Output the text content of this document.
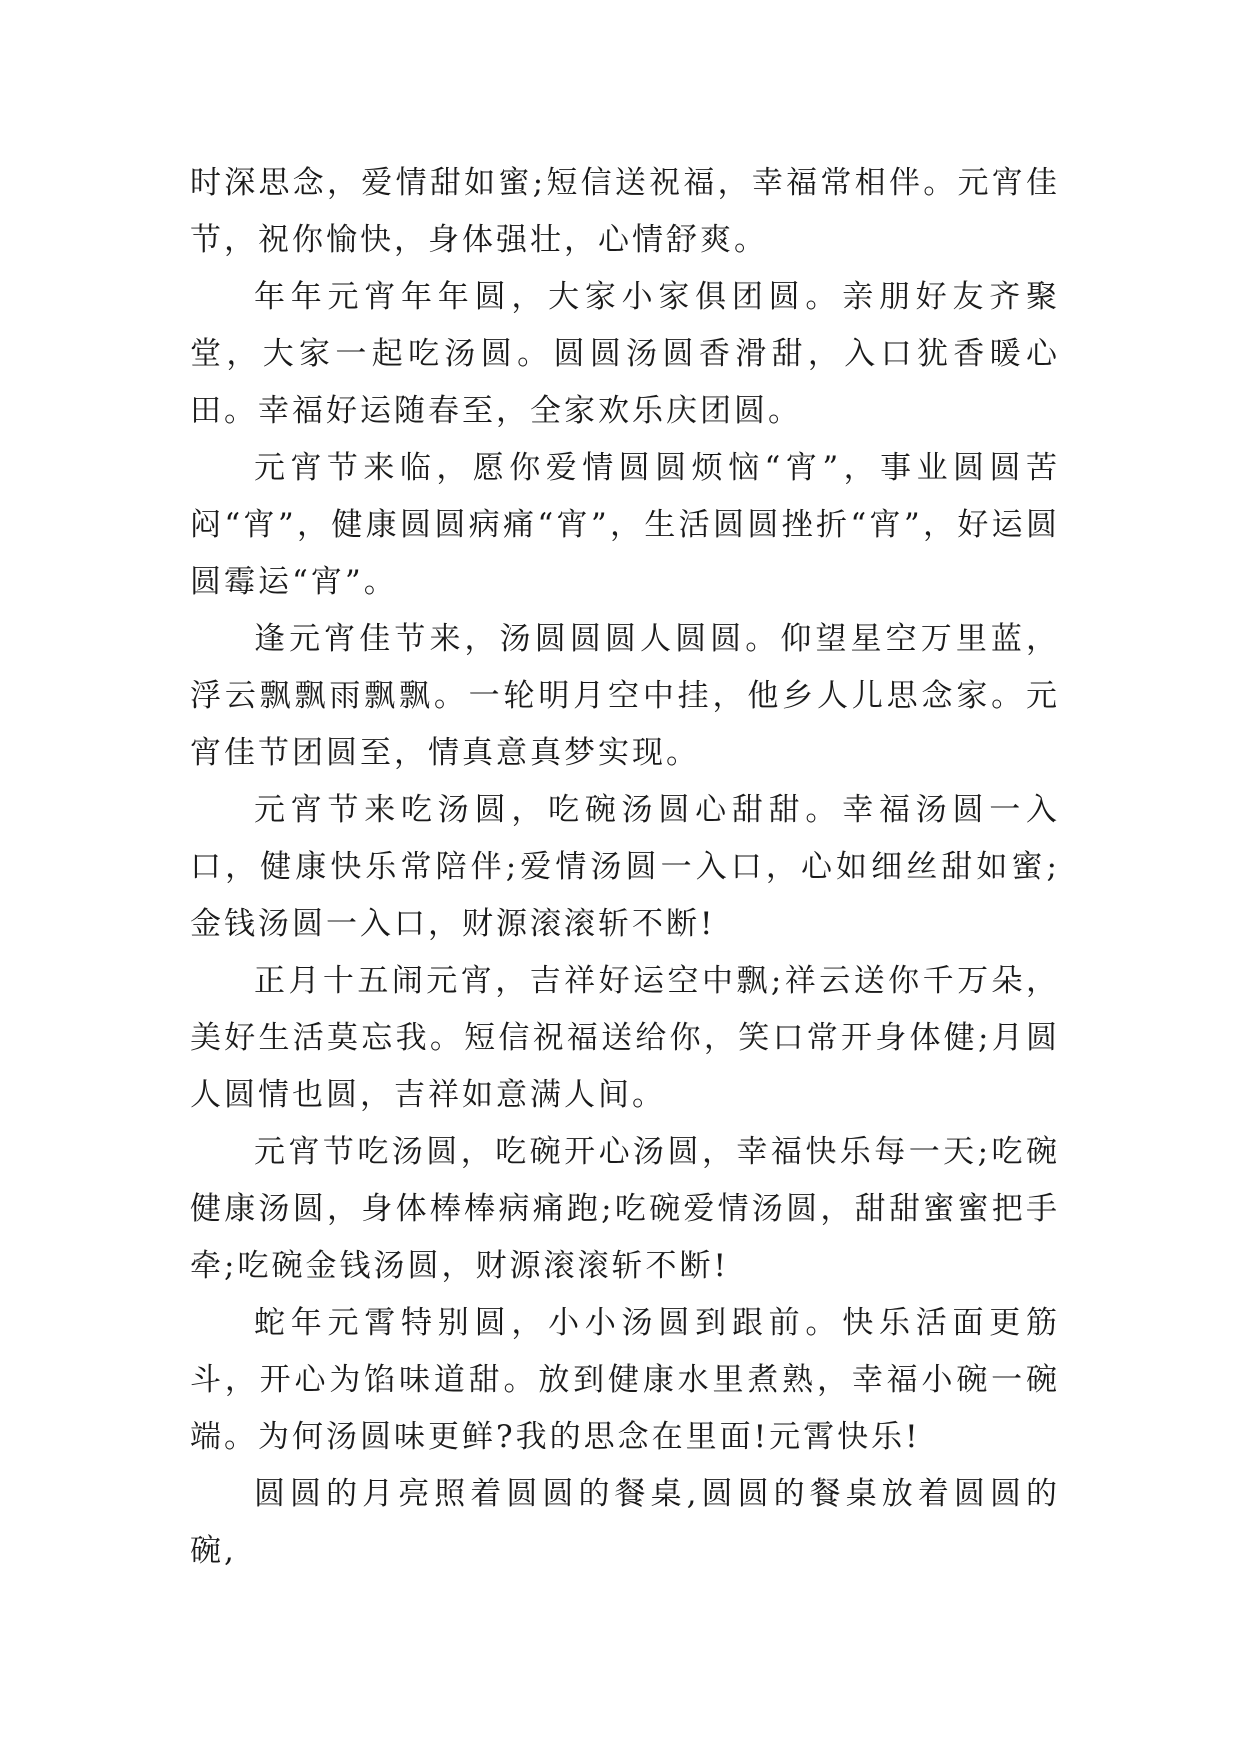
时深思念，爱情甜如蜜;短信送祝福，幸福常相伴。元宵佳节，祝你愉快，身体强壮，心情舒爽。

年年元宵年年圆，大家小家俱团圆。亲朋好友齐聚堂，大家一起吃汤圆。圆圆汤圆香滑甜，入口犹香暖心田。幸福好运随春至，全家欢乐庆团圆。

元宵节来临，愿你爱情圆圆烦恼“宵”，事业圆圆苦闷“宵”，健康圆圆病痛“宵”，生活圆圆挫折“宵”，好运圆圆霉运“宵”。

逢元宵佳节来，汤圆圆圆人圆圆。仰望星空万里蓝，浮云飘飘雨飘飘。一轮明月空中挂，他乡人儿思念家。元宵佳节团圆至，情真意真梦实现。

元宵节来吃汤圆，吃碗汤圆心甜甜。幸福汤圆一入口，健康快乐常陪伴;爱情汤圆一入口，心如细丝甜如蜜;金钱汤圆一入口，财源滚滚斩不断!

正月十五闹元宵，吉祥好运空中飘;祥云送你千万朵，美好生活莫忘我。短信祝福送给你，笑口常开身体健;月圆人圆情也圆，吉祥如意满人间。

元宵节吃汤圆，吃碗开心汤圆，幸福快乐每一天;吃碗健康汤圆，身体棒棒病痛跑;吃碗爱情汤圆，甜甜蜜蜜把手牵;吃碗金钱汤圆，财源滚滚斩不断!

蛇年元霄特别圆，小小汤圆到跟前。快乐活面更筋斗，开心为馅味道甜。放到健康水里煮熟，幸福小碗一碗端。为何汤圆味更鲜?我的思念在里面!元霄快乐!

圆圆的月亮照着圆圆的餐桌,圆圆的餐桌放着圆圆的碗,
